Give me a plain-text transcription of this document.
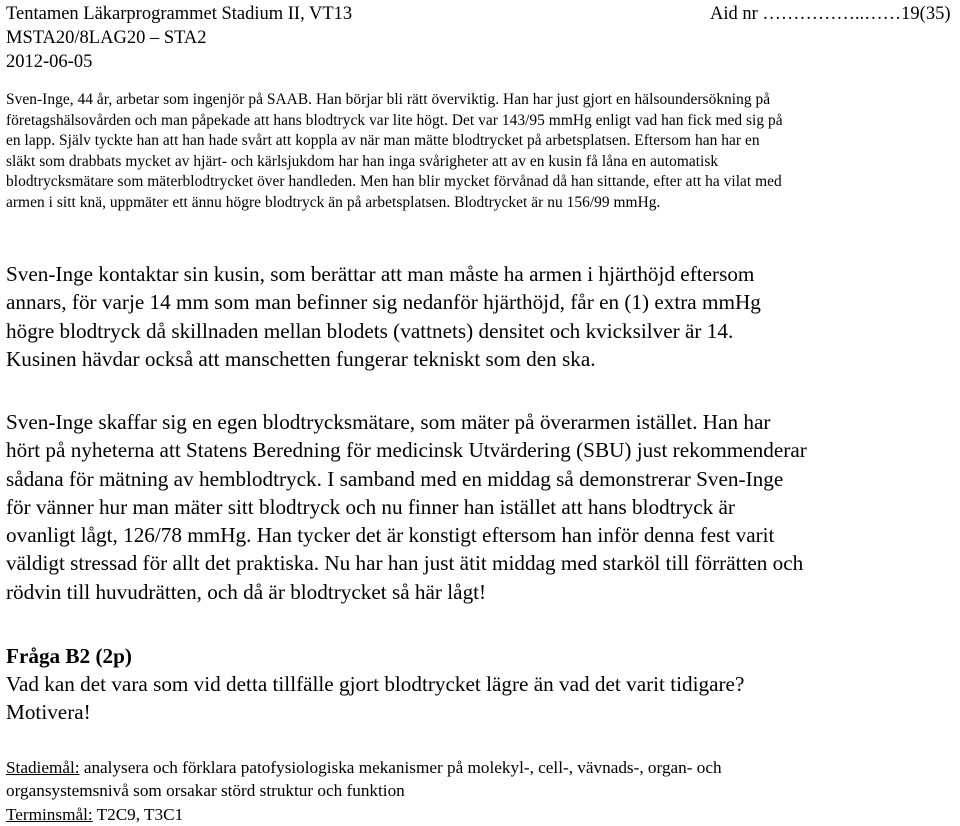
Tentamen Läkarprogrammet Stadium II, VT13	Aid nr ……………..……19(35)
MSTA20/8LAG20 – STA2
2012-06-05
Sven-Inge, 44 år, arbetar som ingenjör på SAAB. Han börjar bli rätt överviktig. Han har just gjort en hälsoundersökning på
företagshälsovården och man påpekade att hans blodtryck var lite högt. Det var 143/95 mmHg enligt vad han fick med sig på
en lapp. Själv tyckte han att han hade svårt att koppla av när man mätte blodtrycket på arbetsplatsen. Eftersom han har en
släkt som drabbats mycket av hjärt- och kärlsjukdom har han inga svårigheter att av en kusin få låna en automatisk
blodtrycksmätare som mäterblodtrycket över handleden. Men han blir mycket förvånad då han sittande, efter att ha vilat med
armen i sitt knä, uppmäter ett ännu högre blodtryck än på arbetsplatsen. Blodtrycket är nu 156/99 mmHg.
Sven-Inge kontaktar sin kusin, som berättar att man måste ha armen i hjärthöjd eftersom
annars, för varje 14 mm som man befinner sig nedanför hjärthöjd, får en (1) extra mmHg
högre blodtryck då skillnaden mellan blodets (vattnets) densitet och kvicksilver är 14.
Kusinen hävdar också att manschetten fungerar tekniskt som den ska.
Sven-Inge skaffar sig en egen blodtrycksmätare, som mäter på överarmen istället. Han har
hört på nyheterna att Statens Beredning för medicinsk Utvärdering (SBU) just rekommenderar
sådana för mätning av hemblodtryck. I samband med en middag så demonstrerar Sven-Inge
för vänner hur man mäter sitt blodtryck och nu finner han istället att hans blodtryck är
ovanligt lågt, 126/78 mmHg. Han tycker det är konstigt eftersom han inför denna fest varit
väldigt stressad för allt det praktiska. Nu har han just ätit middag med starköl till förrätten och
rödvin till huvudrätten, och då är blodtrycket så här lågt!
Fråga B2 (2p)
Vad kan det vara som vid detta tillfälle gjort blodtrycket lägre än vad det varit tidigare?
Motivera!
Stadiemål: analysera och förklara patofysiologiska mekanismer på molekyl-, cell-, vävnads-, organ- och
organsystemsnivå som orsakar störd struktur och funktion
Terminsmål: T2C9, T3C1
